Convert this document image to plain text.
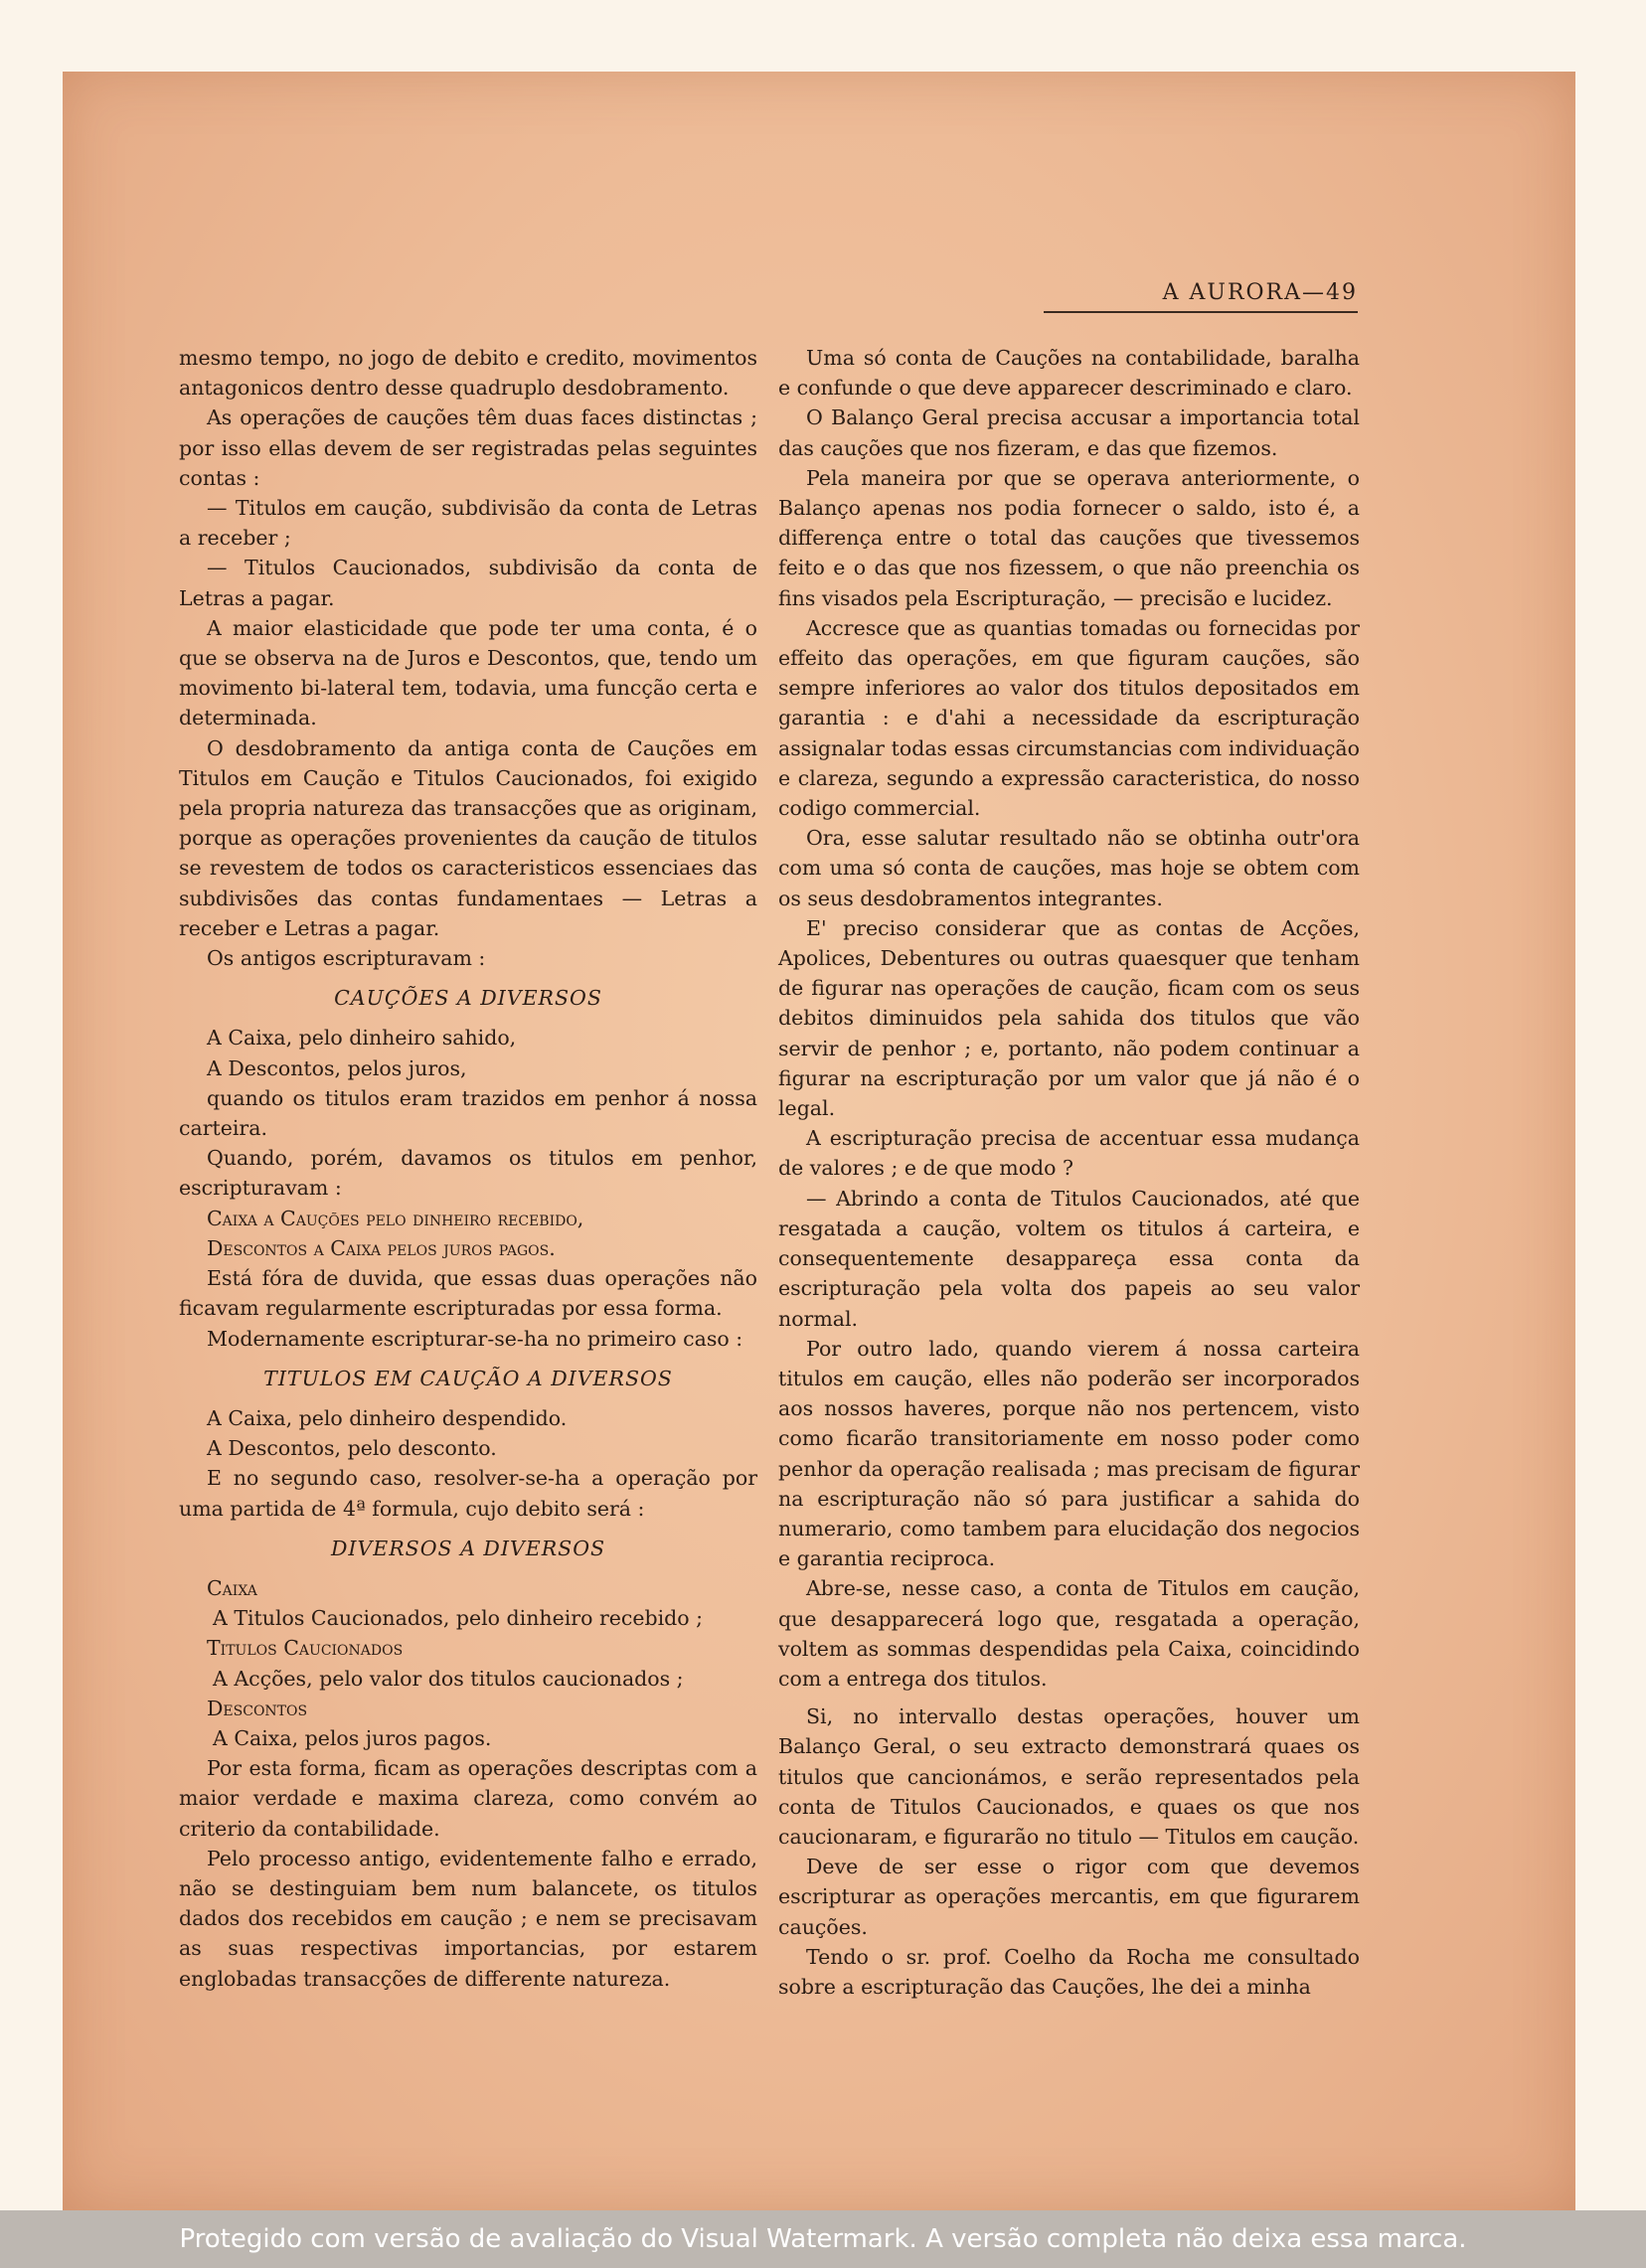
A AURORA—49

mesmo tempo, no jogo de debito e credito, movimentos antagonicos dentro desse quadruplo desdobramento.

As operações de cauções têm duas faces distinctas ; por isso ellas devem de ser registradas pelas seguintes contas :

— Titulos em caução, subdivisão da conta de Letras a receber ;

— Titulos Caucionados, subdivisão da conta de Letras a pagar.

A maior elasticidade que pode ter uma conta, é o que se observa na de Juros e Descontos, que, tendo um movimento bi-lateral tem, todavia, uma funcção certa e determinada.

O desdobramento da antiga conta de Cauções em Titulos em Caução e Titulos Caucionados, foi exigido pela propria natureza das transacções que as originam, porque as operações provenientes da caução de titulos se revestem de todos os caracteristicos essenciaes das subdivisões das contas fundamentaes — Letras a receber e Letras a pagar.

Os antigos escripturavam :

CAUÇÕES A DIVERSOS

A Caixa, pelo dinheiro sahido,

A Descontos, pelos juros,

quando os titulos eram trazidos em penhor á nossa carteira.

Quando, porém, davamos os titulos em penhor, escripturavam :

Caixa a Cauções pelo dinheiro recebido,

Descontos a Caixa pelos juros pagos.

Está fóra de duvida, que essas duas operações não ficavam regularmente escripturadas por essa forma.

Modernamente escripturar-se-ha no primeiro caso :

TITULOS EM CAUÇÃO A DIVERSOS

A Caixa, pelo dinheiro despendido.

A Descontos, pelo desconto.

E no segundo caso, resolver-se-ha a operação por uma partida de 4ª formula, cujo debito será :

DIVERSOS A DIVERSOS

Caixa

A Titulos Caucionados, pelo dinheiro recebido ;

Titulos Caucionados

A Acções, pelo valor dos titulos caucionados ;

Descontos

A Caixa, pelos juros pagos.

Por esta forma, ficam as operações descriptas com a maior verdade e maxima clareza, como convém ao criterio da contabilidade.

Pelo processo antigo, evidentemente falho e errado, não se destinguiam bem num balancete, os titulos dados dos recebidos em caução ; e nem se precisavam as suas respectivas importancias, por estarem englobadas transacções de differente natureza.

Uma só conta de Cauções na contabilidade, baralha e confunde o que deve apparecer descriminado e claro.

O Balanço Geral precisa accusar a importancia total das cauções que nos fizeram, e das que fizemos.

Pela maneira por que se operava anteriormente, o Balanço apenas nos podia fornecer o saldo, isto é, a differença entre o total das cauções que tivessemos feito e o das que nos fizessem, o que não preenchia os fins visados pela Escripturação, — precisão e lucidez.

Accresce que as quantias tomadas ou fornecidas por effeito das operações, em que figuram cauções, são sempre inferiores ao valor dos titulos depositados em garantia : e d'ahi a necessidade da escripturação assignalar todas essas circumstancias com individuação e clareza, segundo a expressão caracteristica, do nosso codigo commercial.

Ora, esse salutar resultado não se obtinha outr'ora com uma só conta de cauções, mas hoje se obtem com os seus desdobramentos integrantes.

E' preciso considerar que as contas de Acções, Apolices, Debentures ou outras quaesquer que tenham de figurar nas operações de caução, ficam com os seus debitos diminuidos pela sahida dos titulos que vão servir de penhor ; e, portanto, não podem continuar a figurar na escripturação por um valor que já não é o legal.

A escripturação precisa de accentuar essa mudança de valores ; e de que modo ?

— Abrindo a conta de Titulos Caucionados, até que resgatada a caução, voltem os titulos á carteira, e consequentemente desappareça essa conta da escripturação pela volta dos papeis ao seu valor normal.

Por outro lado, quando vierem á nossa carteira titulos em caução, elles não poderão ser incorporados aos nossos haveres, porque não nos pertencem, visto como ficarão transitoriamente em nosso poder como penhor da operação realisada ; mas precisam de figurar na escripturação não só para justificar a sahida do numerario, como tambem para elucidação dos negocios e garantia reciproca.

Abre-se, nesse caso, a conta de Titulos em caução, que desapparecerá logo que, resgatada a operação, voltem as sommas despendidas pela Caixa, coincidindo com a entrega dos titulos.

Si, no intervallo destas operações, houver um Balanço Geral, o seu extracto demonstrará quaes os titulos que cancionámos, e serão representados pela conta de Titulos Caucionados, e quaes os que nos caucionaram, e figurarão no titulo — Titulos em caução.

Deve de ser esse o rigor com que devemos escripturar as operações mercantis, em que figurarem cauções.

Tendo o sr. prof. Coelho da Rocha me consultado sobre a escripturação das Cauções, lhe dei a minha

Protegido com versão de avaliação do Visual Watermark. A versão completa não deixa essa marca.
